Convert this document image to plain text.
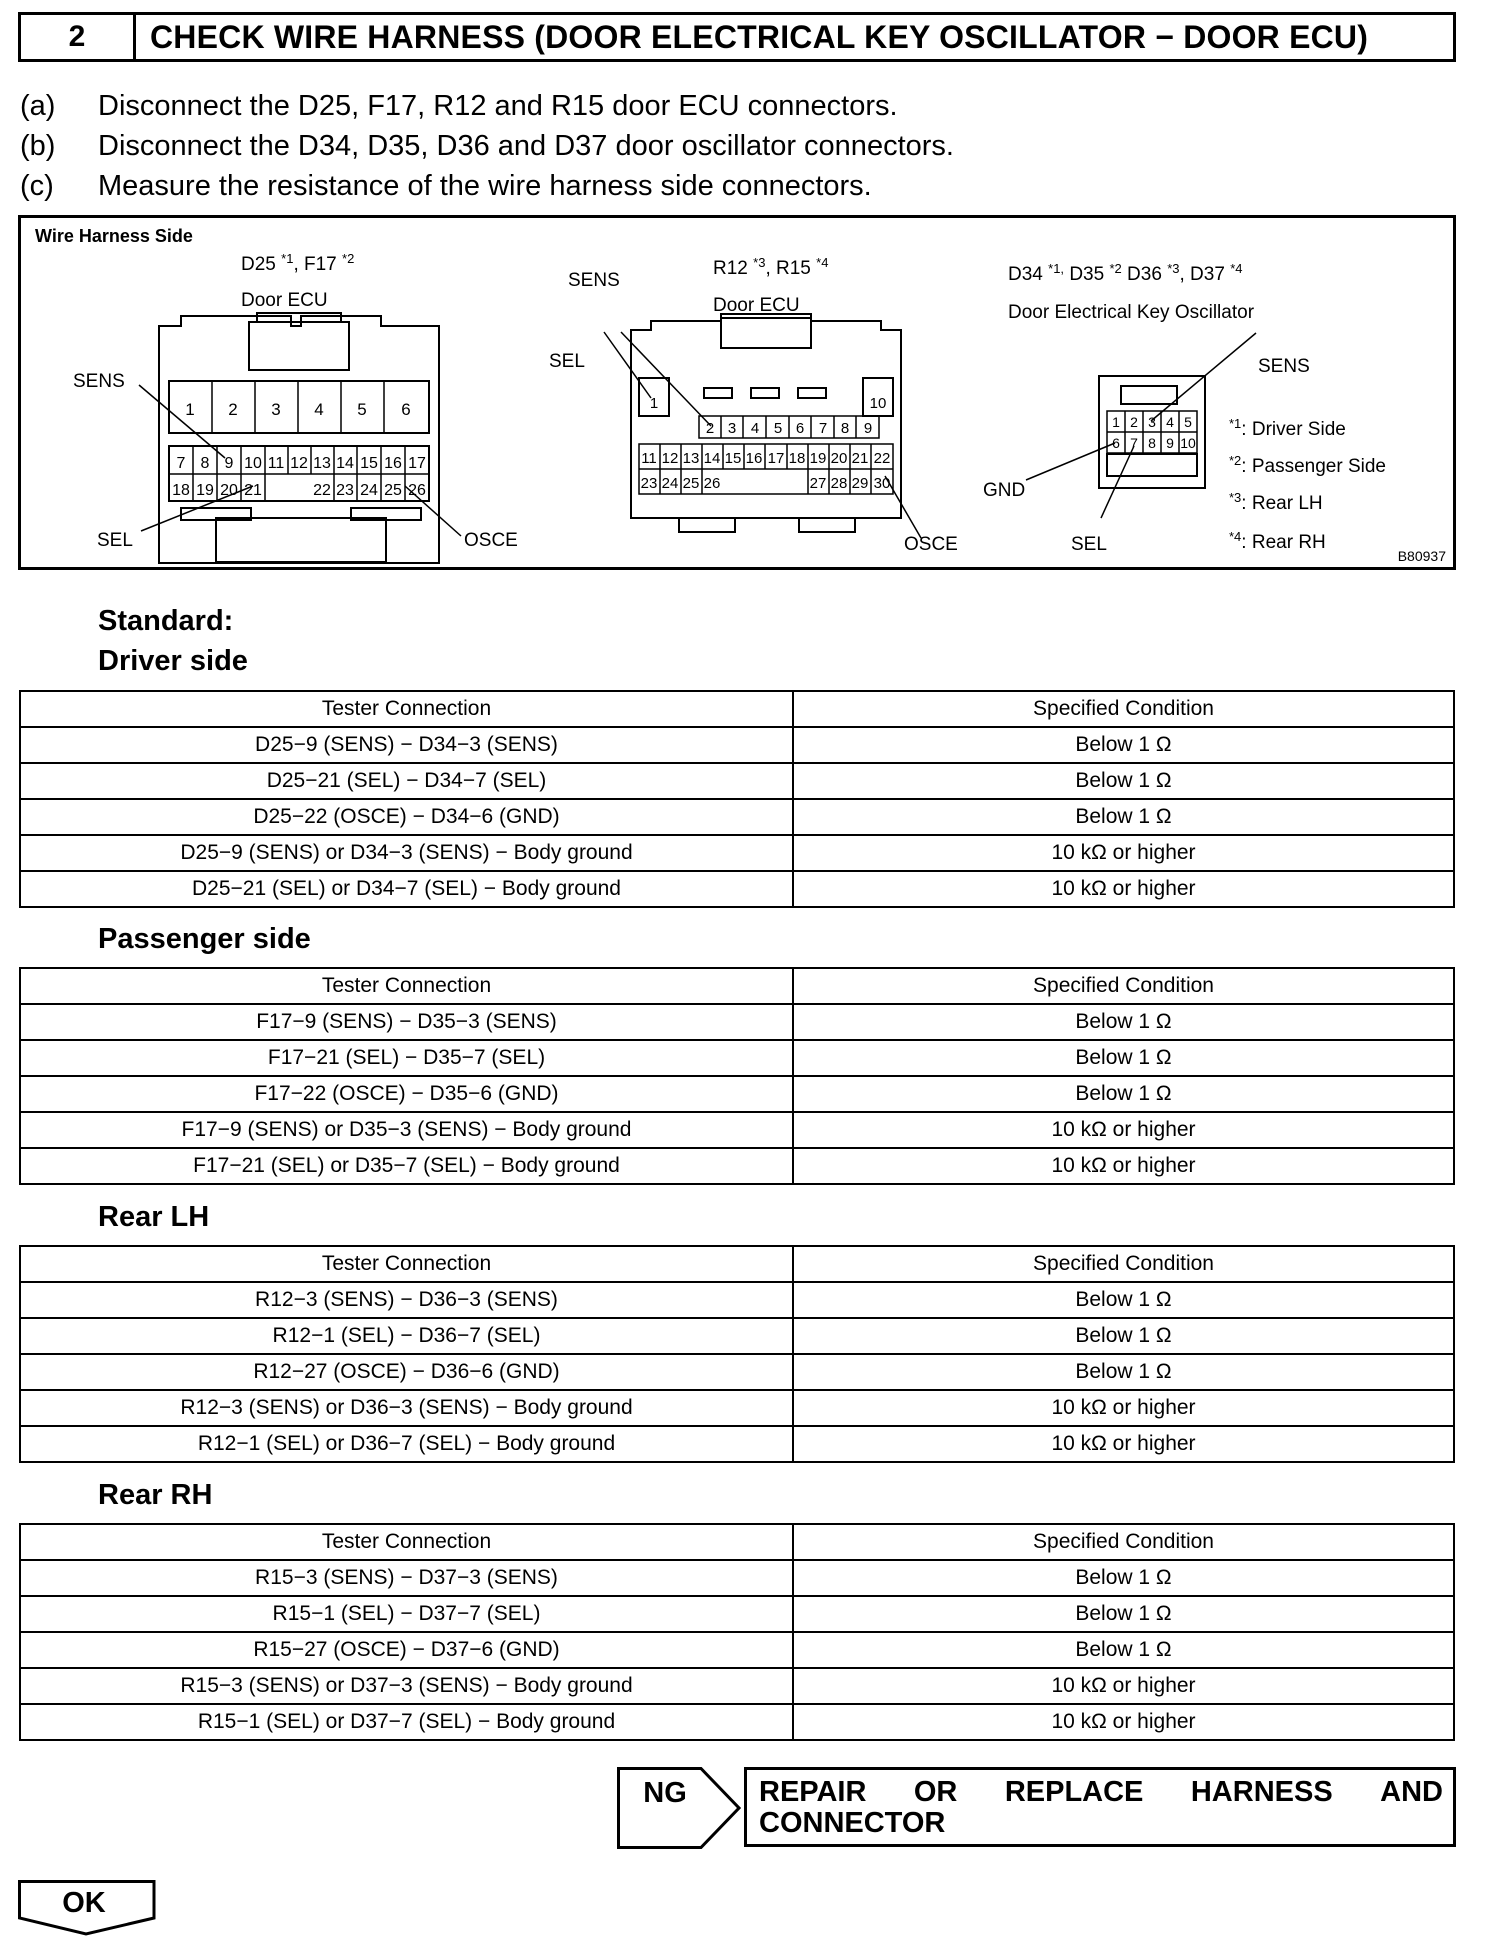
2	CHECK WIRE HARNESS (DOOR ELECTRICAL KEY OSCILLATOR − DOOR ECU)
(a) Disconnect the D25, F17, R12 and R15 door ECU connectors.
(b) Disconnect the D34, D35, D36 and D37 door oscillator connectors.
(c) Measure the resistance of the wire harness side connectors.
1 2 3 4 5 6
7 8 9 10 11 12 13 14 15 16 17
18 19 20 21	22 23 24 25 26
1	10
2 3 4 5 6 7 8 9
11 12 13 14 15 16 17 18 19 20 21 22
23 24 25 26	27 28 29 30
1 2 3 4 5
6 7 8 9 10
Wire Harness Side
D25 $^{*1}$, F17 $^{*2}$
Door ECU
SENS
SEL	OSCE
R12 $^{*3}$, R15 $^{*4}$
Door ECU
SENS
SEL
OSCE
D34 $^{*1,}$ D35 $^{*2}$ D36 $^{*3}$, D37 $^{*4}$
Door Electrical Key Oscillator
SENS
GND
SEL
$^{*1}$: Driver Side
$^{*2}$: Passenger Side
$^{*3}$: Rear LH
$^{*4}$: Rear RH
B80937
Standard:
Driver side
Tester Connection	Specified Condition
D25−9 (SENS) − D34−3 (SENS)	Below 1 Ω
D25−21 (SEL) − D34−7 (SEL)	Below 1 Ω
D25−22 (OSCE) − D34−6 (GND)	Below 1 Ω
D25−9 (SENS) or D34−3 (SENS) − Body ground	10 kΩ or higher
D25−21 (SEL) or D34−7 (SEL) − Body ground	10 kΩ or higher
Passenger side
Tester Connection	Specified Condition
F17−9 (SENS) − D35−3 (SENS)	Below 1 Ω
F17−21 (SEL) − D35−7 (SEL)	Below 1 Ω
F17−22 (OSCE) − D35−6 (GND)	Below 1 Ω
F17−9 (SENS) or D35−3 (SENS) − Body ground	10 kΩ or higher
F17−21 (SEL) or D35−7 (SEL) − Body ground	10 kΩ or higher
Rear LH
Tester Connection	Specified Condition
R12−3 (SENS) − D36−3 (SENS)	Below 1 Ω
R12−1 (SEL) − D36−7 (SEL)	Below 1 Ω
R12−27 (OSCE) − D36−6 (GND)	Below 1 Ω
R12−3 (SENS) or D36−3 (SENS) − Body ground	10 kΩ or higher
R12−1 (SEL) or D36−7 (SEL) − Body ground	10 kΩ or higher
Rear RH
Tester Connection	Specified Condition
R15−3 (SENS) − D37−3 (SENS)	Below 1 Ω
R15−1 (SEL) − D37−7 (SEL)	Below 1 Ω
R15−27 (OSCE) − D37−6 (GND)	Below 1 Ω
R15−3 (SENS) or D37−3 (SENS) − Body ground	10 kΩ or higher
R15−1 (SEL) or D37−7 (SEL) − Body ground	10 kΩ or higher
NG REPAIR OR REPLACE HARNESS AND
CONNECTOR
OK
